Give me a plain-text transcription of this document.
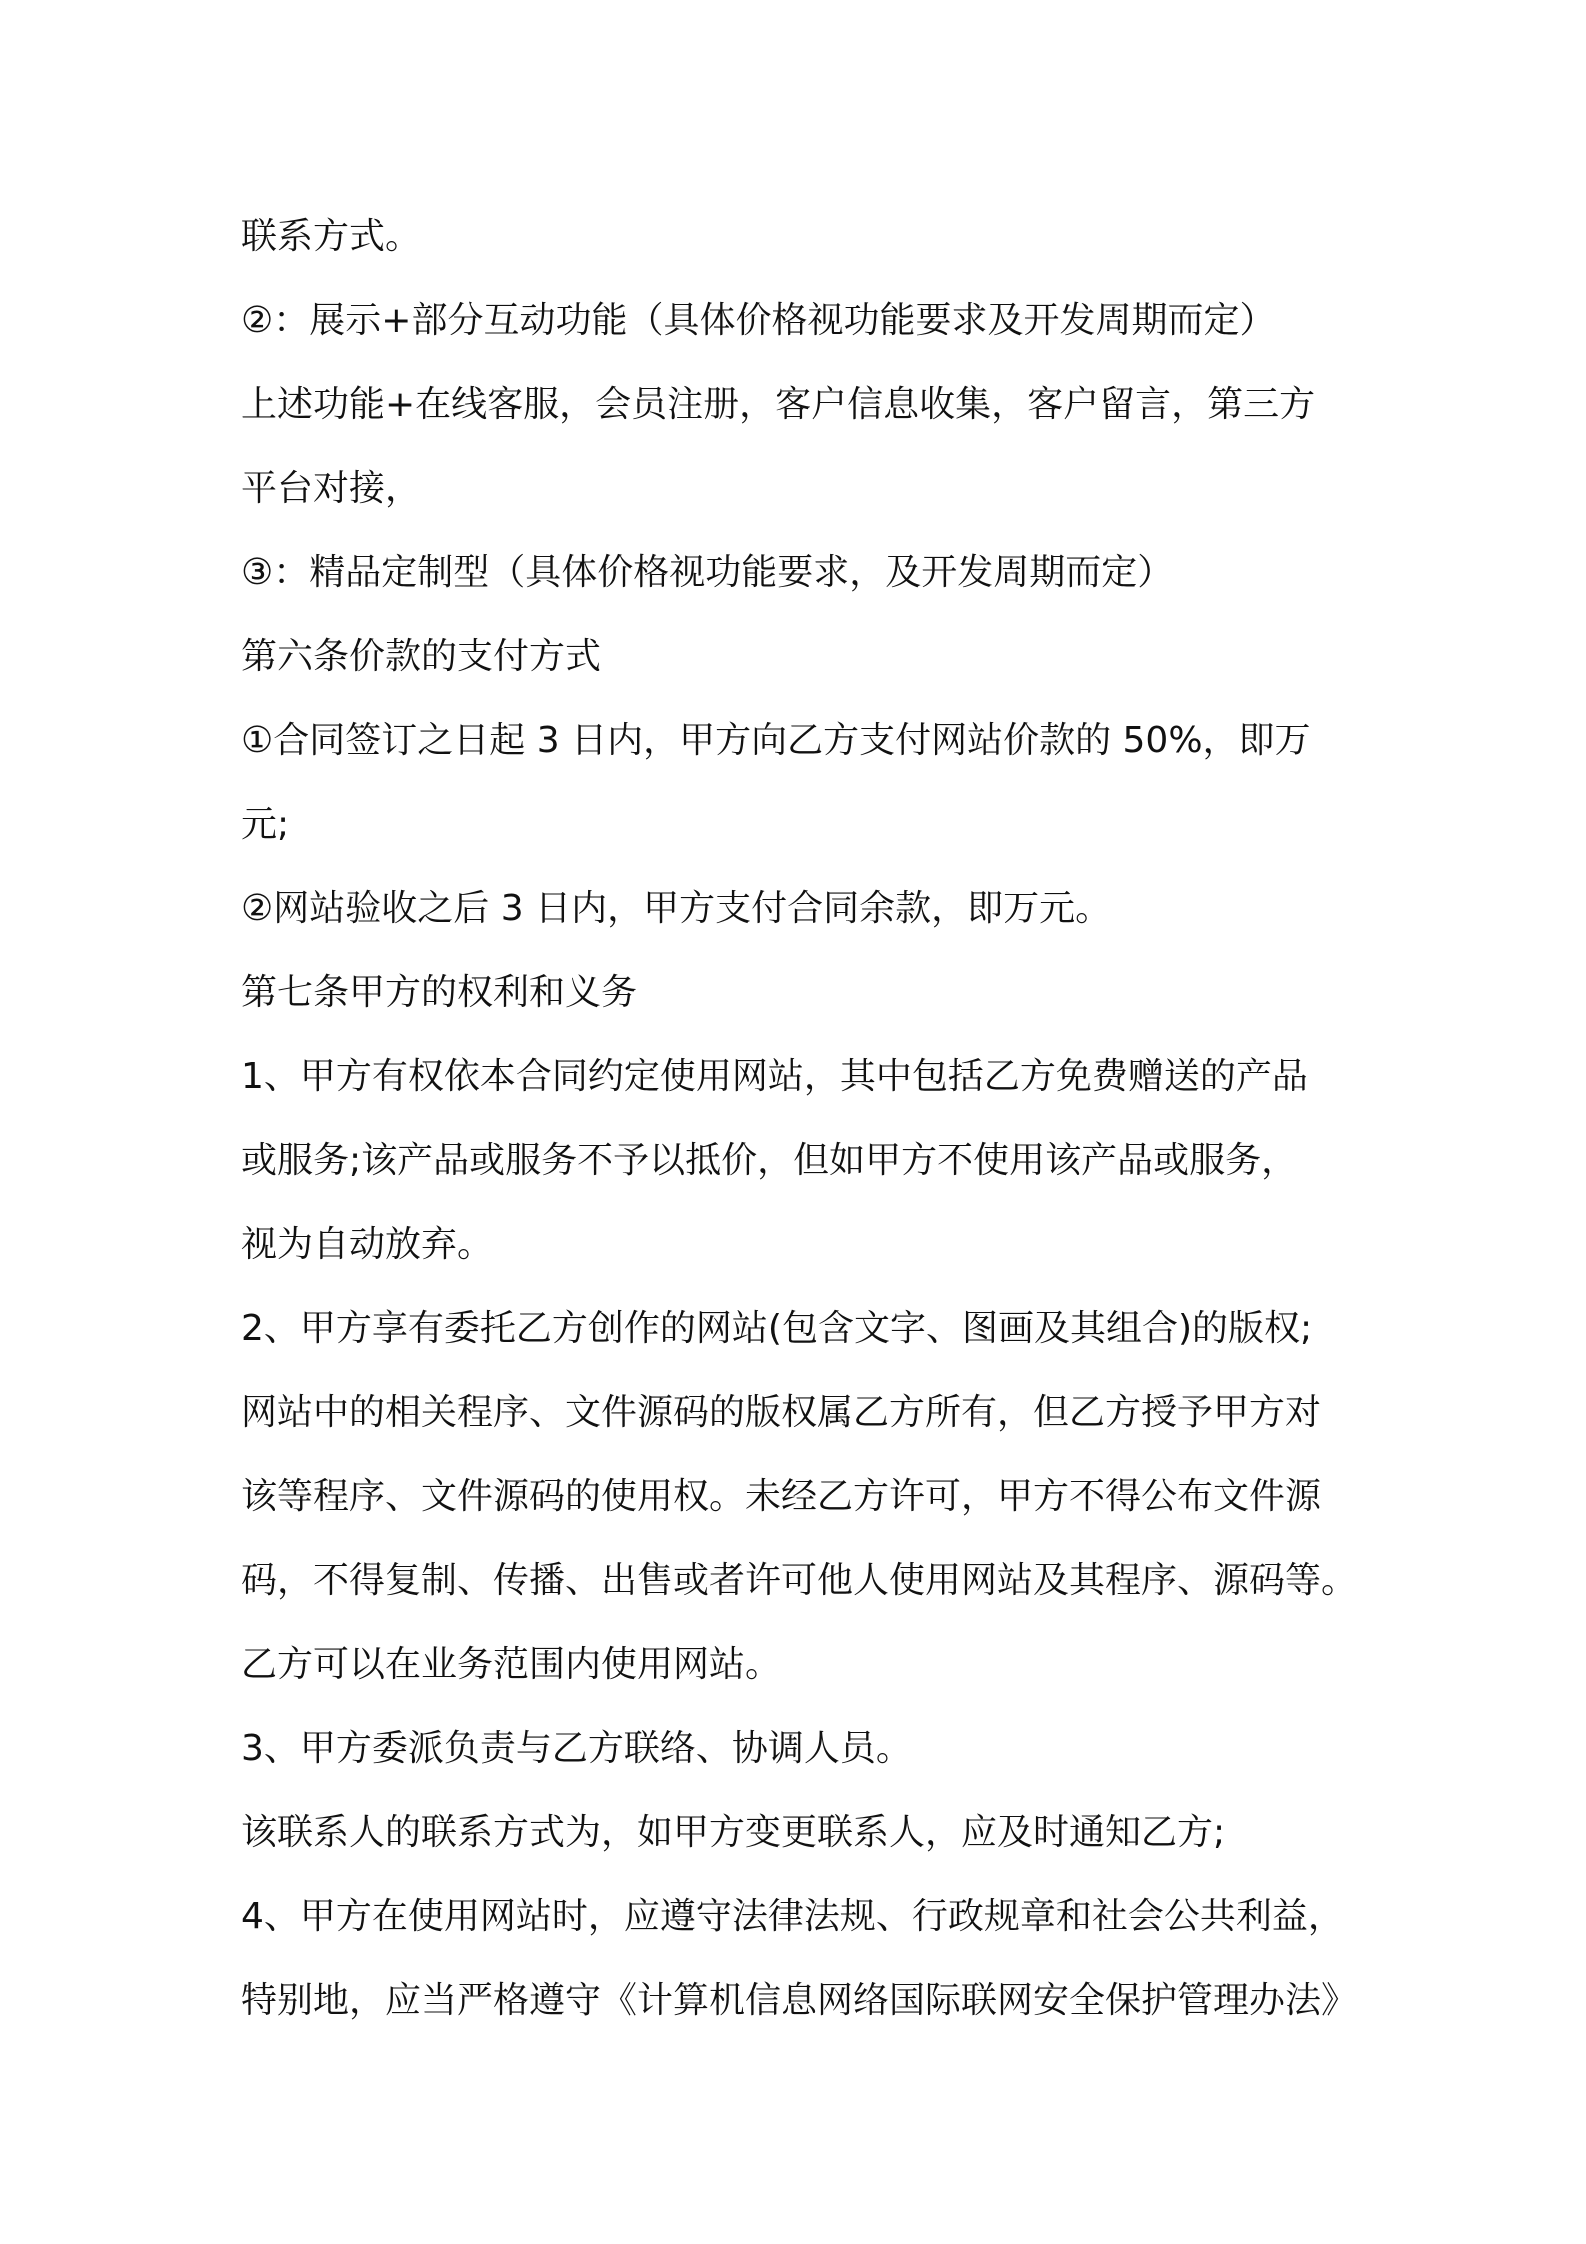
联系方式。
②：展示+部分互动功能（具体价格视功能要求及开发周期而定）
上述功能+在线客服，会员注册，客户信息收集，客户留言，第三方
平台对接，
③：精品定制型（具体价格视功能要求，及开发周期而定）
第六条价款的支付方式
①合同签订之日起 3 日内，甲方向乙方支付网站价款的 50%，即万
元;
②网站验收之后 3 日内，甲方支付合同余款，即万元。
第七条甲方的权利和义务
1、甲方有权依本合同约定使用网站，其中包括乙方免费赠送的产品
或服务;该产品或服务不予以抵价，但如甲方不使用该产品或服务，
视为自动放弃。
2、甲方享有委托乙方创作的网站(包含文字、图画及其组合)的版权;
网站中的相关程序、文件源码的版权属乙方所有，但乙方授予甲方对
该等程序、文件源码的使用权。未经乙方许可，甲方不得公布文件源
码，不得复制、传播、出售或者许可他人使用网站及其程序、源码等。
乙方可以在业务范围内使用网站。
3、甲方委派负责与乙方联络、协调人员。
该联系人的联系方式为，如甲方变更联系人，应及时通知乙方;
4、甲方在使用网站时，应遵守法律法规、行政规章和社会公共利益，
特别地，应当严格遵守《计算机信息网络国际联网安全保护管理办法》
